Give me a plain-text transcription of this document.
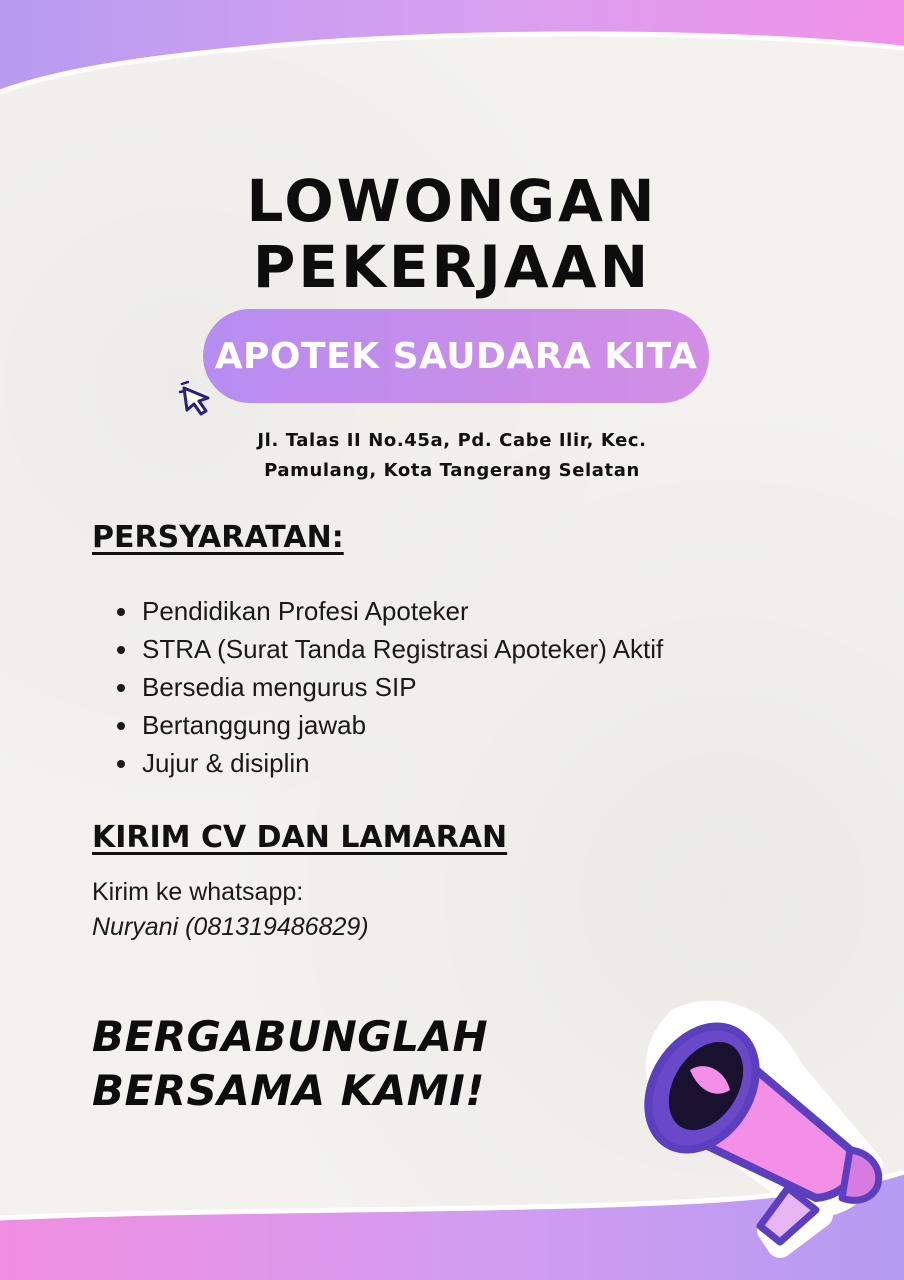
LOWONGAN
PEKERJAAN
APOTEK SAUDARA KITA
Jl. Talas II No.45a, Pd. Cabe Ilir, Kec.
Pamulang, Kota Tangerang Selatan
PERSYARATAN:
• Pendidikan Profesi Apoteker
• STRA (Surat Tanda Registrasi Apoteker) Aktif
• Bersedia mengurus SIP
• Bertanggung jawab
• Jujur & disiplin
KIRIM CV DAN LAMARAN
Kirim ke whatsapp:
Nuryani (081319486829)
BERGABUNGLAH
BERSAMA KAMI!
